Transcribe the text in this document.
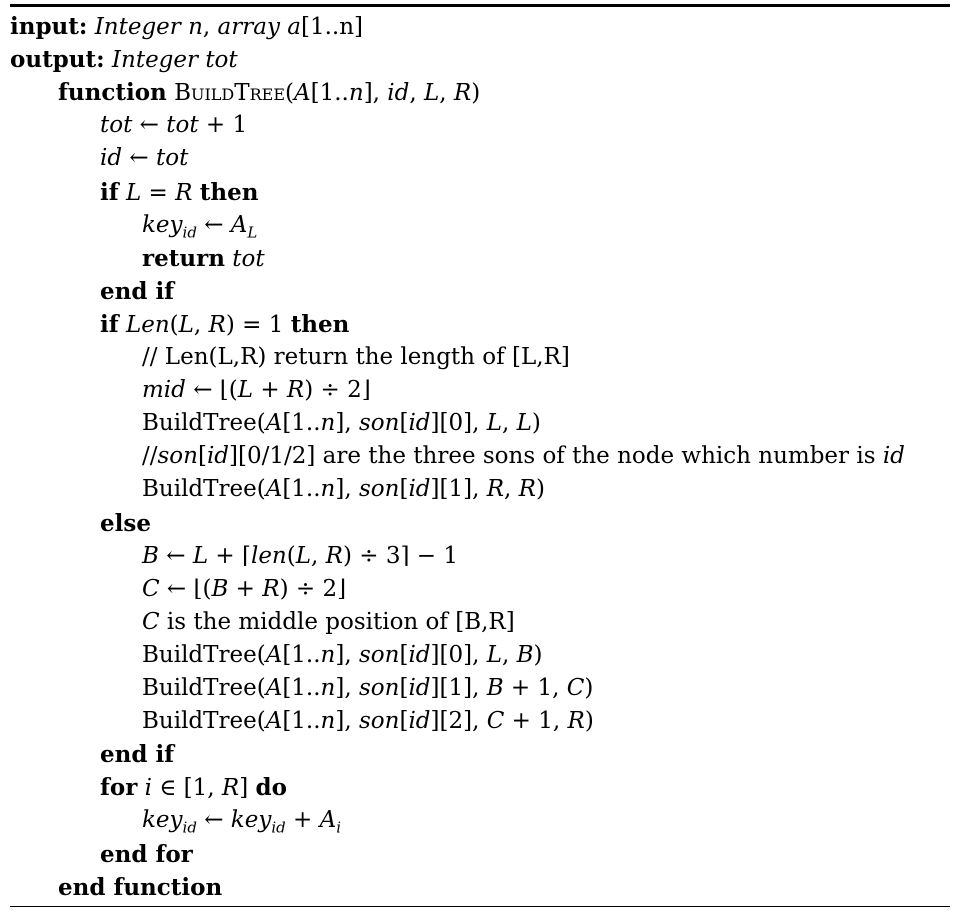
input: Integer n, array a[1..n]
output: Integer tot
function BuildTree(A[1..n], id, L, R)
tot ← tot + 1
id ← tot
if L = R then
key$_{id}$ ← $A_L$
return tot
end if
if Len(L, R) = 1 then
// Len(L,R) return the length of [L,R]
mid ← ⌊(L + R) ÷ 2⌋
BuildTree(A[1..n], son[id][0], L, L)
//son[id][0/1/2] are the three sons of the node which number is id
BuildTree(A[1..n], son[id][1], R, R)
else
B ← L + ⌈len(L, R) ÷ 3⌉ − 1
C ← ⌊(B + R) ÷ 2⌋
C is the middle position of [B,R]
BuildTree(A[1..n], son[id][0], L, B)
BuildTree(A[1..n], son[id][1], B + 1, C)
BuildTree(A[1..n], son[id][2], C + 1, R)
end if
for i ∈ [1, R] do
key$_{id}$ ← $key_{id} + A_i$
end for
end function
